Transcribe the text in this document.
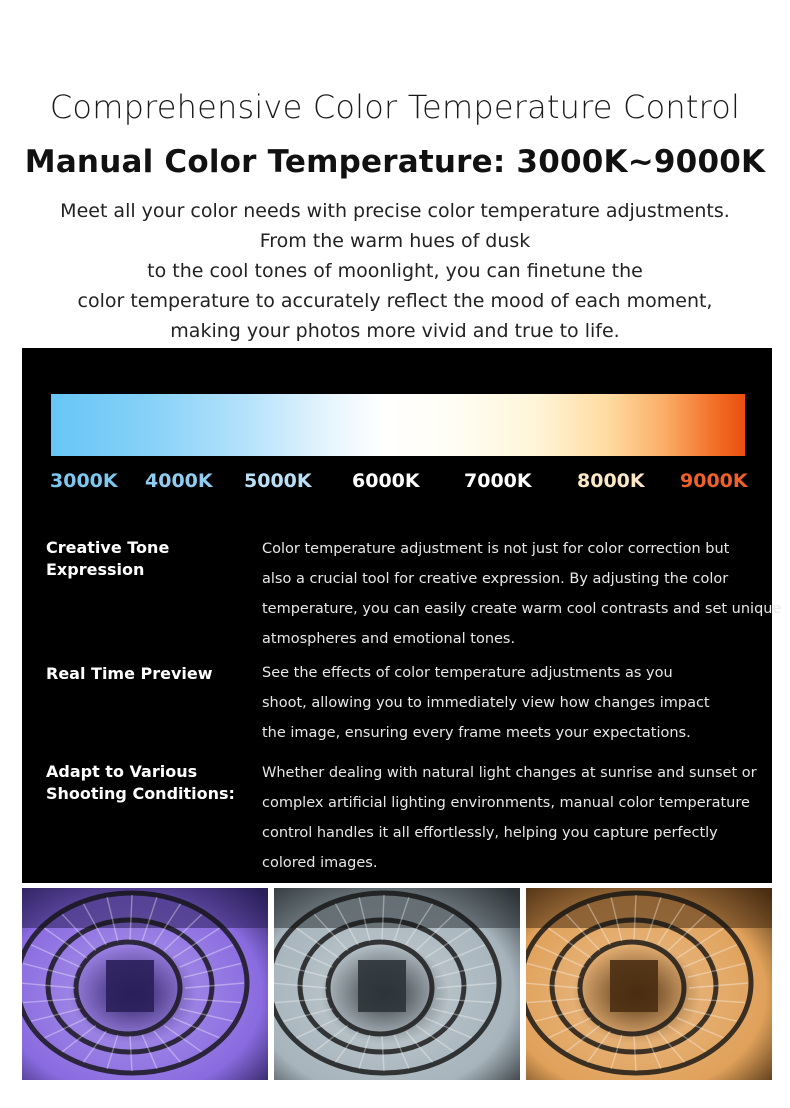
Comprehensive Color Temperature Control
Manual Color Temperature: 3000K~9000K
Meet all your color needs with precise color temperature adjustments.
From the warm hues of dusk
to the cool tones of moonlight, you can finetune the
color temperature to accurately reflect the mood of each moment,
making your photos more vivid and true to life.
3000K 4000K 5000K 6000K 7000K 8000K 9000K
Creative Tone
Expression
Color temperature adjustment is not just for color correction but
also a crucial tool for creative expression. By adjusting the color
temperature, you can easily create warm cool contrasts and set unique
atmospheres and emotional tones.
Real Time Preview	See the effects of color temperature adjustments as you
shoot, allowing you to immediately view how changes impact
the image, ensuring every frame meets your expectations.
Adapt to Various
Shooting Conditions:
Whether dealing with natural light changes at sunrise and sunset or
complex artificial lighting environments, manual color temperature
control handles it all effortlessly, helping you capture perfectly
colored images.
